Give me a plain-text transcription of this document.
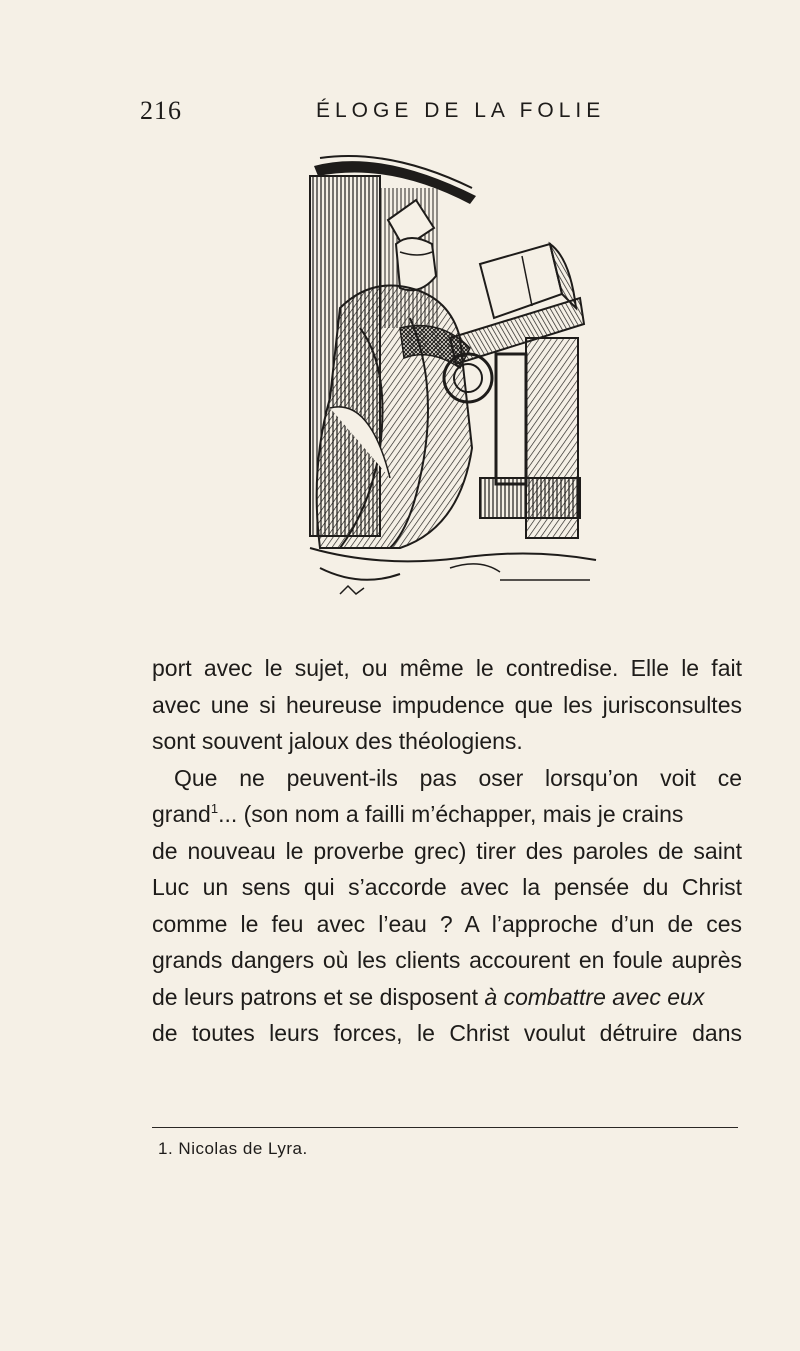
216	ÉLOGE DE LA FOLIE
port avec le sujet, ou même le contredise. Elle le fait
avec une si heureuse impudence que les jurisconsultes
sont souvent jaloux des théologiens.
Que ne peuvent-ils pas oser lorsqu’on voit ce
grand$^1$... (son nom a failli m’échapper, mais je crains
de nouveau le proverbe grec) tirer des paroles de saint
Luc un sens qui s’accorde avec la pensée du Christ
comme le feu avec l’eau ? A l’approche d’un de ces
grands dangers où les clients accourent en foule auprès
de leurs patrons et se disposent à combattre avec eux
de toutes leurs forces, le Christ voulut détruire dans
1. Nicolas de Lyra.
